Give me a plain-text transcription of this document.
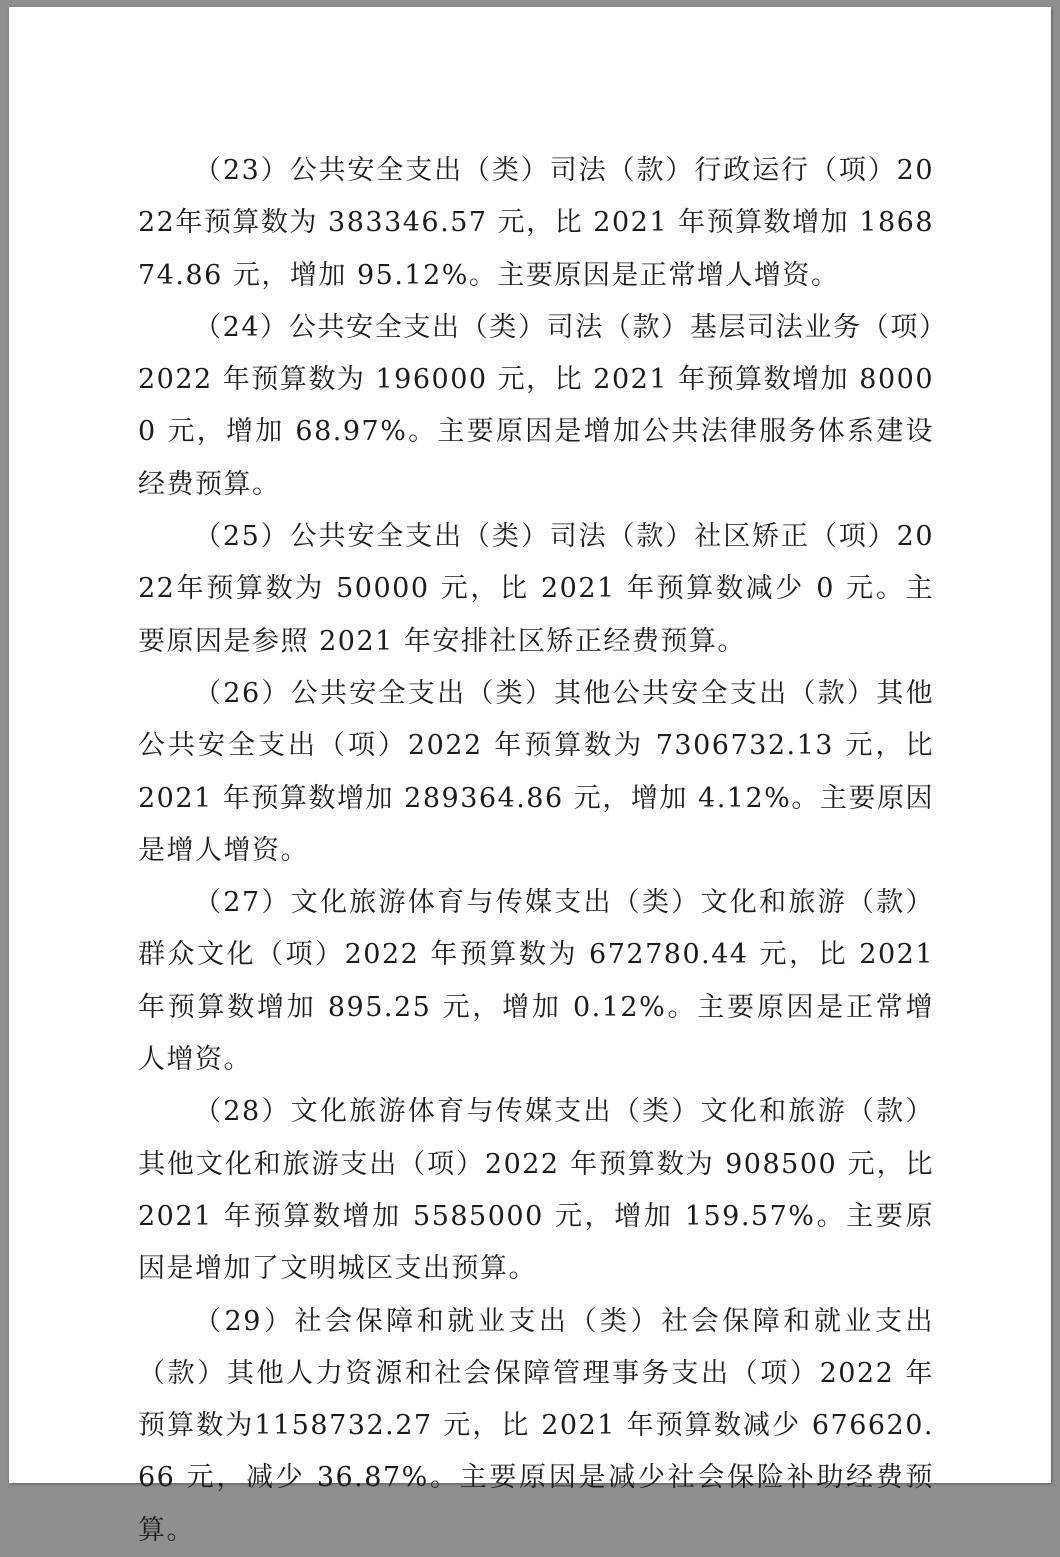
（23）公共安全支出（类）司法（款）行政运行（项）2022年预算数为 383346.57 元，比 2021 年预算数增加 186874.86 元，增加 95.12%。主要原因是正常增人增资。

（24）公共安全支出（类）司法（款）基层司法业务（项）2022 年预算数为 196000 元，比 2021 年预算数增加 80000 元，增加 68.97%。主要原因是增加公共法律服务体系建设经费预算。

（25）公共安全支出（类）司法（款）社区矫正（项）2022年预算数为 50000 元，比 2021 年预算数减少 0 元。主要原因是参照 2021 年安排社区矫正经费预算。

（26）公共安全支出（类）其他公共安全支出（款）其他公共安全支出（项）2022 年预算数为 7306732.13 元，比 2021 年预算数增加 289364.86 元，增加 4.12%。主要原因是增人增资。

（27）文化旅游体育与传媒支出（类）文化和旅游（款）群众文化（项）2022 年预算数为 672780.44 元，比 2021 年预算数增加 895.25 元，增加 0.12%。主要原因是正常增人增资。

（28）文化旅游体育与传媒支出（类）文化和旅游（款）其他文化和旅游支出（项）2022 年预算数为 908500 元，比 2021 年预算数增加 5585000 元，增加 159.57%。主要原因是增加了文明城区支出预算。

（29）社会保障和就业支出（类）社会保障和就业支出（款）其他人力资源和社会保障管理事务支出（项）2022 年预算数为1158732.27 元，比 2021 年预算数减少 676620.66 元，减少 36.87%。主要原因是减少社会保险补助经费预算。
